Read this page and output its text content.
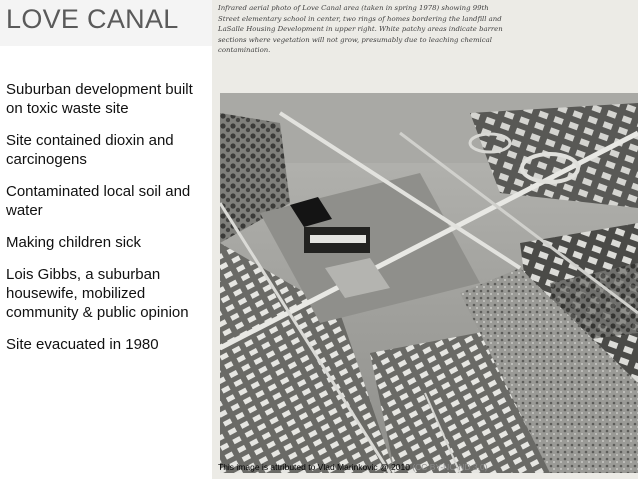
LOVE CANAL

Suburban development built on toxic waste site

Site contained dioxin and carcinogens

Contaminated local soil and water

Making children sick

Lois Gibbs, a suburban housewife, mobilized community & public opinion

Site evacuated in 1980

Infrared aerial photo of Love Canal area (taken in spring 1978) showing 99th Street elementary school in center, two rings of homes bordering the landfill and LaSalle Housing Development in upper right. White patchy areas indicate barren sections where vegetation will not grow, presumably due to leaching chemical contamination.

This image is attributed to Vlad Marinkovic @ 2010 (CC BY-NC-ND 3.0)
